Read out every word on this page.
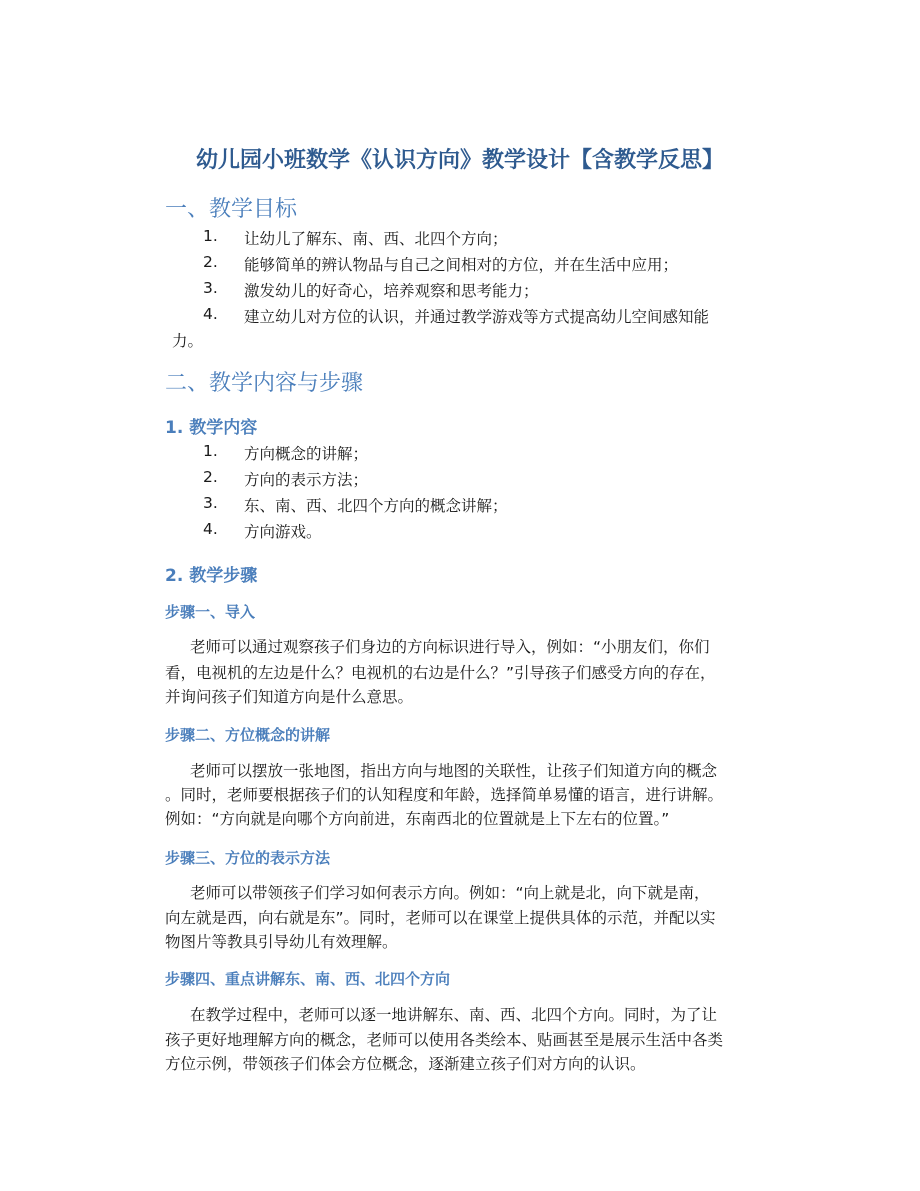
幼儿园小班数学《认识方向》教学设计【含教学反思】
一、教学目标
1. 让幼儿了解东、南、西、北四个方向；
2. 能够简单的辨认物品与自己之间相对的方位，并在生活中应用；
3. 激发幼儿的好奇心，培养观察和思考能力；
4. 建立幼儿对方位的认识，并通过教学游戏等方式提高幼儿空间感知能
力。
二、教学内容与步骤
1. 教学内容
1. 方向概念的讲解；
2. 方向的表示方法；
3. 东、南、西、北四个方向的概念讲解；
4. 方向游戏。
2. 教学步骤
步骤一、导入
老师可以通过观察孩子们身边的方向标识进行导入，例如：“小朋友们，你们
看，电视机的左边是什么？电视机的右边是什么？”引导孩子们感受方向的存在，
并询问孩子们知道方向是什么意思。
步骤二、方位概念的讲解
老师可以摆放一张地图，指出方向与地图的关联性，让孩子们知道方向的概念
。同时，老师要根据孩子们的认知程度和年龄，选择简单易懂的语言，进行讲解。
例如：“方向就是向哪个方向前进，东南西北的位置就是上下左右的位置。”
步骤三、方位的表示方法
老师可以带领孩子们学习如何表示方向。例如：“向上就是北，向下就是南，
向左就是西，向右就是东”。同时，老师可以在课堂上提供具体的示范，并配以实
物图片等教具引导幼儿有效理解。
步骤四、重点讲解东、南、西、北四个方向
在教学过程中，老师可以逐一地讲解东、南、西、北四个方向。同时，为了让
孩子更好地理解方向的概念，老师可以使用各类绘本、贴画甚至是展示生活中各类
方位示例，带领孩子们体会方位概念，逐渐建立孩子们对方向的认识。
